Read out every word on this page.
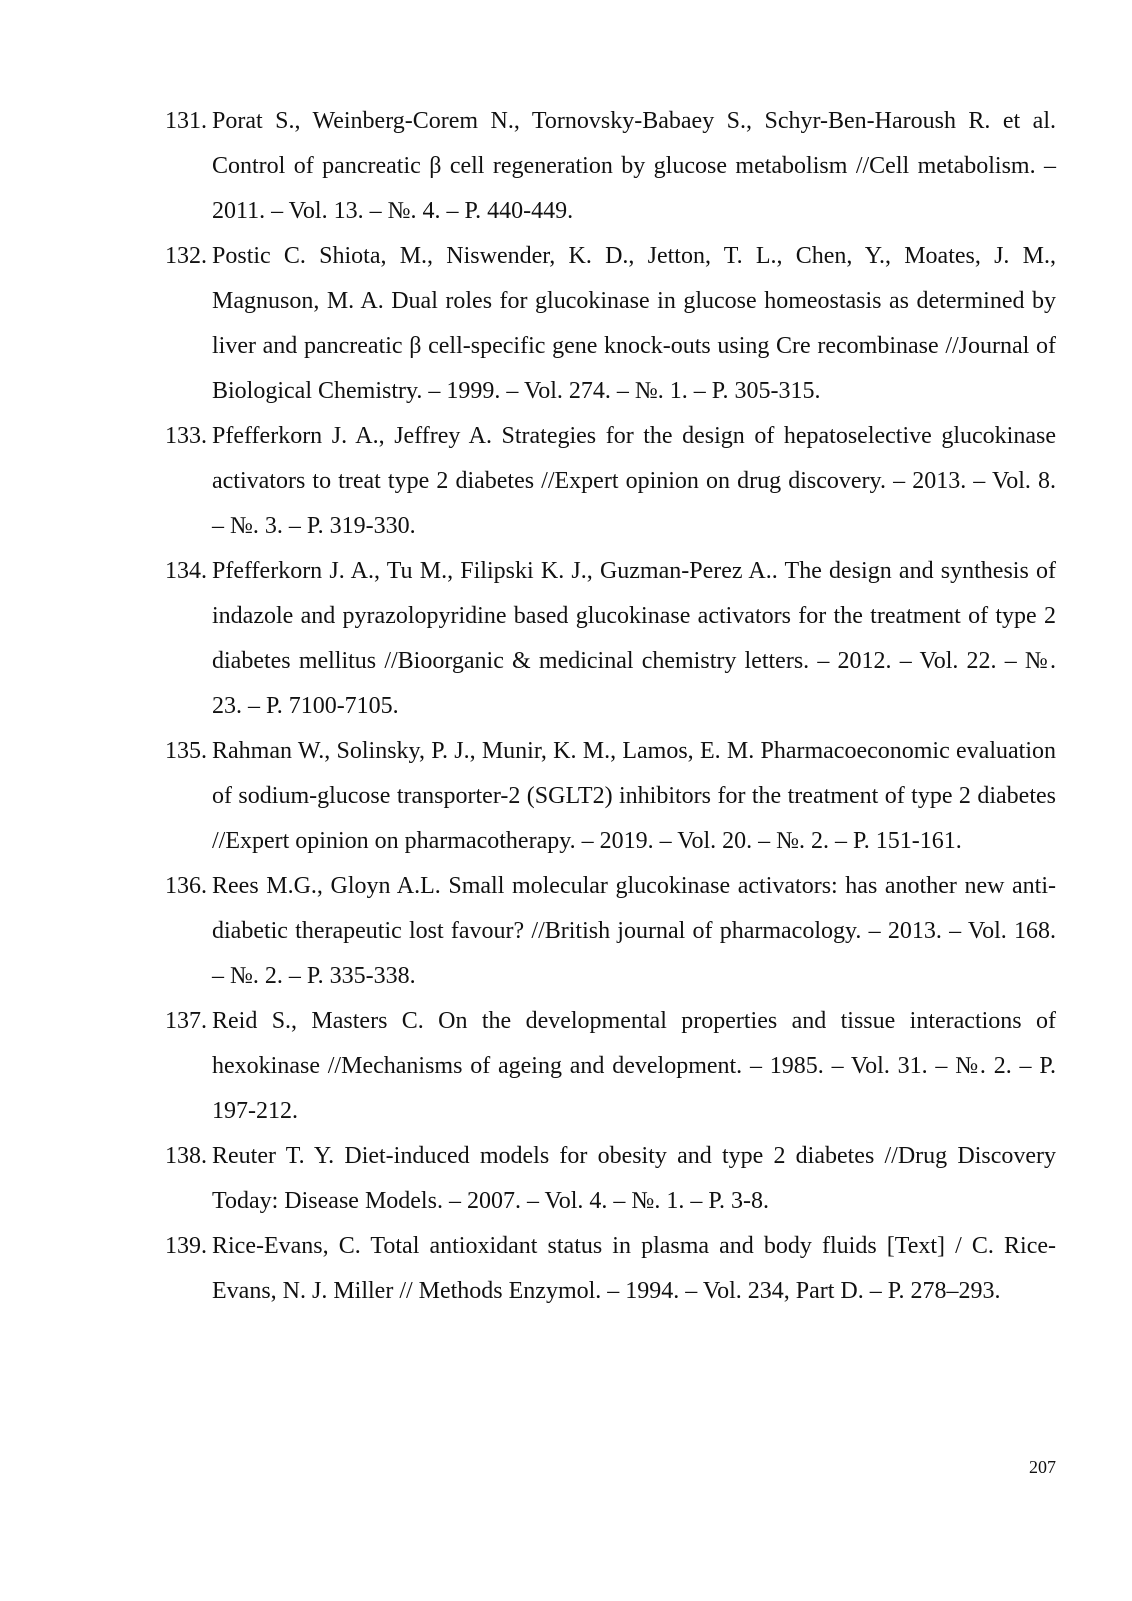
131. Porat S., Weinberg-Corem N., Tornovsky-Babaey S., Schyr-Ben-Haroush R. et al. Control of pancreatic β cell regeneration by glucose metabolism //Cell metabolism. – 2011. – Vol. 13. – №. 4. – P. 440-449.
132. Postic C. Shiota, M., Niswender, K. D., Jetton, T. L., Chen, Y., Moates, J. M., Magnuson, M. A. Dual roles for glucokinase in glucose homeostasis as determined by liver and pancreatic β cell-specific gene knock-outs using Cre recombinase //Journal of Biological Chemistry. – 1999. – Vol. 274. – №. 1. – P. 305-315.
133. Pfefferkorn J. A., Jeffrey A. Strategies for the design of hepatoselective glucokinase activators to treat type 2 diabetes //Expert opinion on drug discovery. – 2013. – Vol. 8. – №. 3. – P. 319-330.
134. Pfefferkorn J. A., Tu M., Filipski K. J., Guzman-Perez A.. The design and synthesis of indazole and pyrazolopyridine based glucokinase activators for the treatment of type 2 diabetes mellitus //Bioorganic & medicinal chemistry letters. – 2012. – Vol. 22. – №. 23. – P. 7100-7105.
135. Rahman W., Solinsky, P. J., Munir, K. M., Lamos, E. M. Pharmacoeconomic evaluation of sodium-glucose transporter-2 (SGLT2) inhibitors for the treatment of type 2 diabetes //Expert opinion on pharmacotherapy. – 2019. – Vol. 20. – №. 2. – P. 151-161.
136. Rees M.G., Gloyn A.L. Small molecular glucokinase activators: has another new anti-diabetic therapeutic lost favour? //British journal of pharmacology. – 2013. – Vol. 168. – №. 2. – P. 335-338.
137. Reid S., Masters C. On the developmental properties and tissue interactions of hexokinase //Mechanisms of ageing and development. – 1985. – Vol. 31. – №. 2. – P. 197-212.
138. Reuter T. Y. Diet-induced models for obesity and type 2 diabetes //Drug Discovery Today: Disease Models. – 2007. – Vol. 4. – №. 1. – P. 3-8.
139. Rice-Evans, C. Total antioxidant status in plasma and body fluids [Text] / C. Rice-Evans, N. J. Miller // Methods Enzymol. – 1994. – Vol. 234, Part D. – P. 278–293.
207
